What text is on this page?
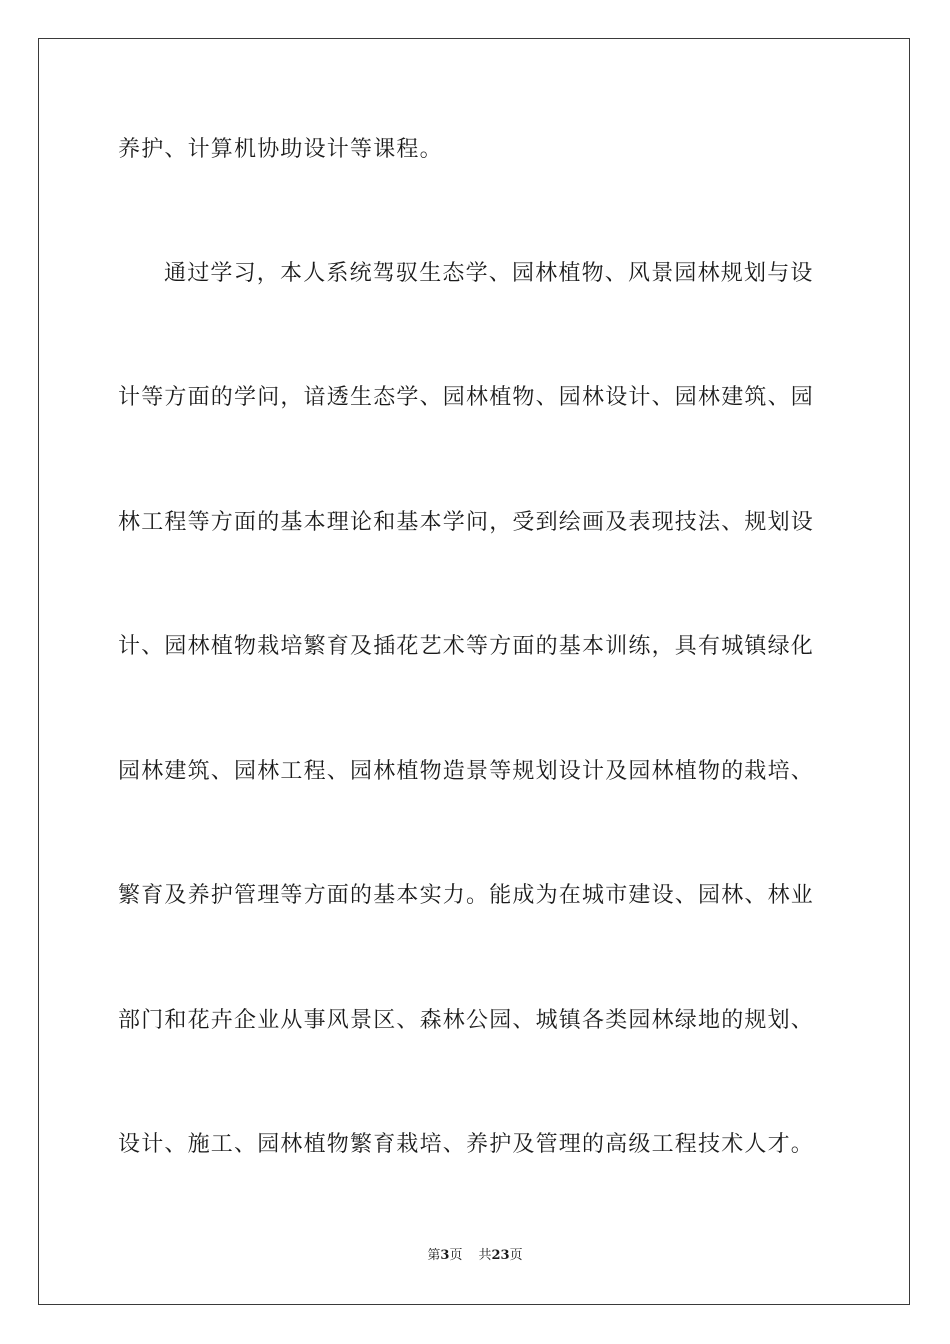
养护、计算机协助设计等课程。
通过学习，本人系统驾驭生态学、园林植物、风景园林规划与设
计等方面的学问，谙透生态学、园林植物、园林设计、园林建筑、园
林工程等方面的基本理论和基本学问，受到绘画及表现技法、规划设
计、园林植物栽培繁育及插花艺术等方面的基本训练，具有城镇绿化
园林建筑、园林工程、园林植物造景等规划设计及园林植物的栽培、
繁育及养护管理等方面的基本实力。能成为在城市建设、园林、林业
部门和花卉企业从事风景区、森林公园、城镇各类园林绿地的规划、
设计、施工、园林植物繁育栽培、养护及管理的高级工程技术人才。
第3页 共23页
